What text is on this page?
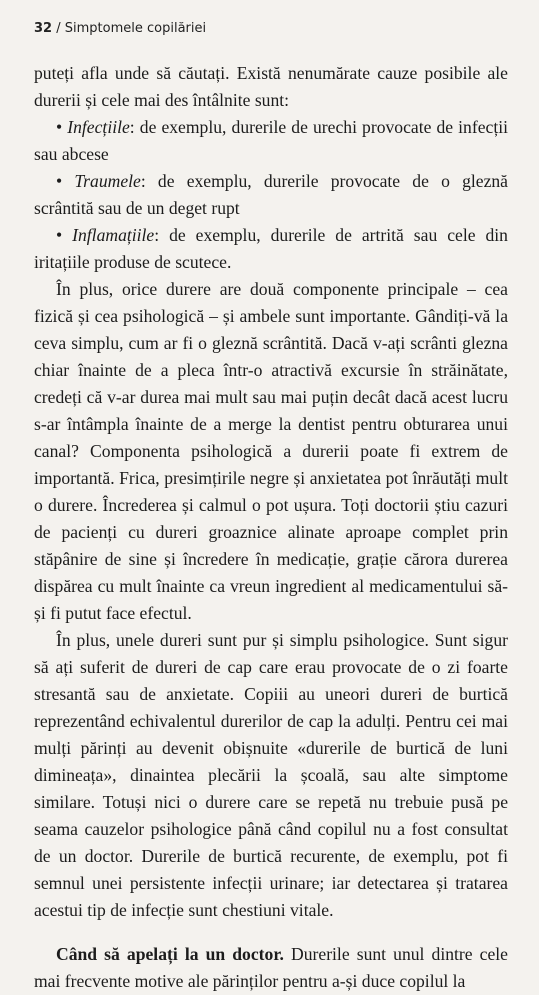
32 / Simptomele copilăriei

puteți afla unde să căutați. Există nenumărate cauze posibile ale durerii și cele mai des întâlnite sunt:

• Infecțiile: de exemplu, durerile de urechi provocate de infecții sau abcese

• Traumele: de exemplu, durerile provocate de o gleznă scrântită sau de un deget rupt

• Inflamațiile: de exemplu, durerile de artrită sau cele din iritațiile produse de scutece.

În plus, orice durere are două componente principale – cea fizică și cea psihologică – și ambele sunt importante. Gândiți-vă la ceva simplu, cum ar fi o gleznă scrântită. Dacă v-ați scrânti glezna chiar înainte de a pleca într-o atractivă excursie în străinătate, credeți că v-ar durea mai mult sau mai puțin decât dacă acest lucru s-ar întâmpla înainte de a merge la dentist pentru obturarea unui canal? Componenta psihologică a durerii poate fi extrem de importantă. Frica, presimțirile negre și anxietatea pot înrăutăți mult o durere. Încrederea și calmul o pot ușura. Toți doctorii știu cazuri de pacienți cu dureri groaznice alinate aproape complet prin stăpânire de sine și încredere în medicație, grație cărora durerea dispărea cu mult înainte ca vreun ingredient al medicamentului să-și fi putut face efectul.

În plus, unele dureri sunt pur și simplu psihologice. Sunt sigur să ați suferit de dureri de cap care erau provocate de o zi foarte stresantă sau de anxietate. Copiii au uneori dureri de burtică reprezentând echivalentul durerilor de cap la adulți. Pentru cei mai mulți părinți au devenit obișnuite «durerile de burtică de luni dimineața», dinaintea plecării la școală, sau alte simptome similare. Totuși nici o durere care se repetă nu trebuie pusă pe seama cauzelor psihologice până când copilul nu a fost consultat de un doctor. Durerile de burtică recurente, de exemplu, pot fi semnul unei persistente infecții urinare; iar detectarea și tratarea acestui tip de infecție sunt chestiuni vitale.

Când să apelați la un doctor. Durerile sunt unul dintre cele mai frecvente motive ale părinților pentru a-și duce copilul la
